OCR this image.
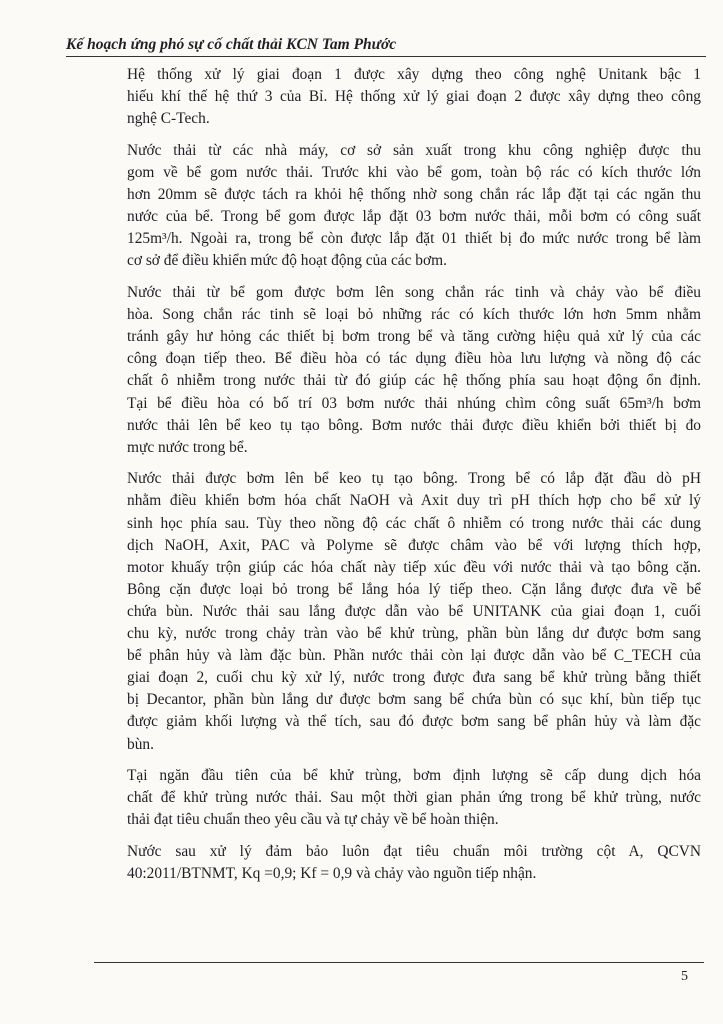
Kế hoạch ứng phó sự cố chất thải KCN Tam Phước

Hệ thống xử lý giai đoạn 1 được xây dựng theo công nghệ Unitank bậc 1
hiếu khí thế hệ thứ 3 của Bỉ. Hệ thống xử lý giai đoạn 2 được xây dựng theo công
nghệ C-Tech.

Nước thải từ các nhà máy, cơ sở sản xuất trong khu công nghiệp được thu
gom về bể gom nước thải. Trước khi vào bể gom, toàn bộ rác có kích thước lớn
hơn 20mm sẽ được tách ra khỏi hệ thống nhờ song chắn rác lắp đặt tại các ngăn thu
nước của bể. Trong bể gom được lắp đặt 03 bơm nước thải, mỗi bơm có công suất
125m³/h. Ngoài ra, trong bể còn được lắp đặt 01 thiết bị đo mức nước trong bể làm
cơ sở để điều khiển mức độ hoạt động của các bơm.

Nước thải từ bể gom được bơm lên song chắn rác tinh và chảy vào bể điều
hòa. Song chắn rác tinh sẽ loại bỏ những rác có kích thước lớn hơn 5mm nhằm
tránh gây hư hỏng các thiết bị bơm trong bể và tăng cường hiệu quả xử lý của các
công đoạn tiếp theo. Bể điều hòa có tác dụng điều hòa lưu lượng và nồng độ các
chất ô nhiễm trong nước thải từ đó giúp các hệ thống phía sau hoạt động ổn định.
Tại bể điều hòa có bố trí 03 bơm nước thải nhúng chìm công suất 65m³/h bơm
nước thải lên bể keo tụ tạo bông. Bơm nước thải được điều khiển bởi thiết bị đo
mực nước trong bể.

Nước thải được bơm lên bể keo tụ tạo bông. Trong bể có lắp đặt đầu dò pH
nhằm điều khiển bơm hóa chất NaOH và Axit duy trì pH thích hợp cho bể xử lý
sinh học phía sau. Tùy theo nồng độ các chất ô nhiễm có trong nước thải các dung
dịch NaOH, Axit, PAC và Polyme sẽ được châm vào bể với lượng thích hợp,
motor khuấy trộn giúp các hóa chất này tiếp xúc đều với nước thải và tạo bông cặn.
Bông cặn được loại bỏ trong bể lắng hóa lý tiếp theo. Cặn lắng được đưa về bể
chứa bùn. Nước thải sau lắng được dẫn vào bể UNITANK của giai đoạn 1, cuối
chu kỳ, nước trong chảy tràn vào bể khử trùng, phần bùn lắng dư được bơm sang
bể phân hủy và làm đặc bùn. Phần nước thải còn lại được dẫn vào bể C_TECH của
giai đoạn 2, cuối chu kỳ xử lý, nước trong được đưa sang bể khử trùng bằng thiết
bị Decantor, phần bùn lắng dư được bơm sang bể chứa bùn có sục khí, bùn tiếp tục
được giảm khối lượng và thể tích, sau đó được bơm sang bể phân hủy và làm đặc
bùn.

Tại ngăn đầu tiên của bể khử trùng, bơm định lượng sẽ cấp dung dịch hóa
chất để khử trùng nước thải. Sau một thời gian phản ứng trong bể khử trùng, nước
thải đạt tiêu chuẩn theo yêu cầu và tự chảy về bể hoàn thiện.

Nước sau xử lý đảm bảo luôn đạt tiêu chuẩn môi trường cột A, QCVN
40:2011/BTNMT, Kq =0,9; Kf = 0,9 và chảy vào nguồn tiếp nhận.

5
